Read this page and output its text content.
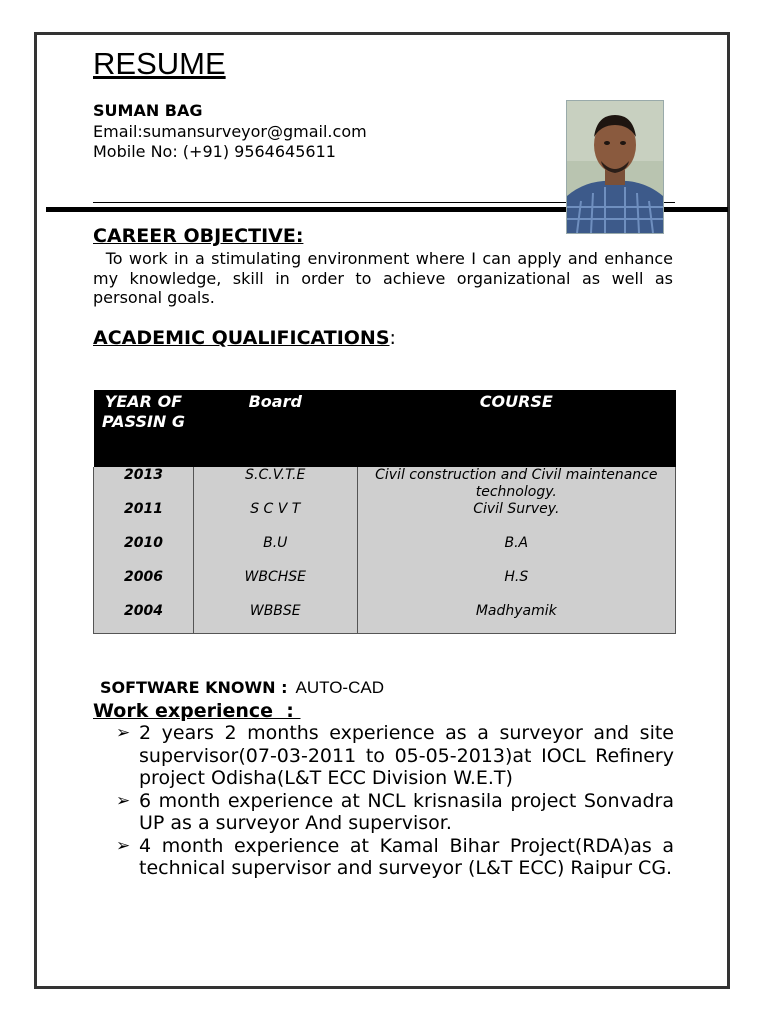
RESUME
SUMAN BAG
Email:sumansurveyor@gmail.com
Mobile No: (+91) 9564645611
CAREER OBJECTIVE:
To work in a stimulating environment where I can apply and enhance my knowledge, skill in order to achieve organizational as well as personal goals.
ACADEMIC QUALIFICATIONS:
YEAR OF PASSIN G	Board	COURSE
2013	S.C.V.T.E	Civil construction and Civil maintenance technology.
2011	S C V T	Civil Survey.
2010	B.U	B.A
2006	WBCHSE	H.S
2004	WBBSE	Madhyamik
SOFTWARE KNOWN : AUTO-CAD
Work experience  :
➢ 2 years 2 months experience as a surveyor and site supervisor(07-03-2011 to 05-05-2013)at IOCL Refinery project Odisha(L&T ECC Division W.E.T)
➢ 6 month experience at NCL krisnasila project Sonvadra UP as a surveyor And supervisor.
➢ 4 month experience at Kamal Bihar Project(RDA)as a technical supervisor and surveyor (L&T ECC) Raipur CG.
